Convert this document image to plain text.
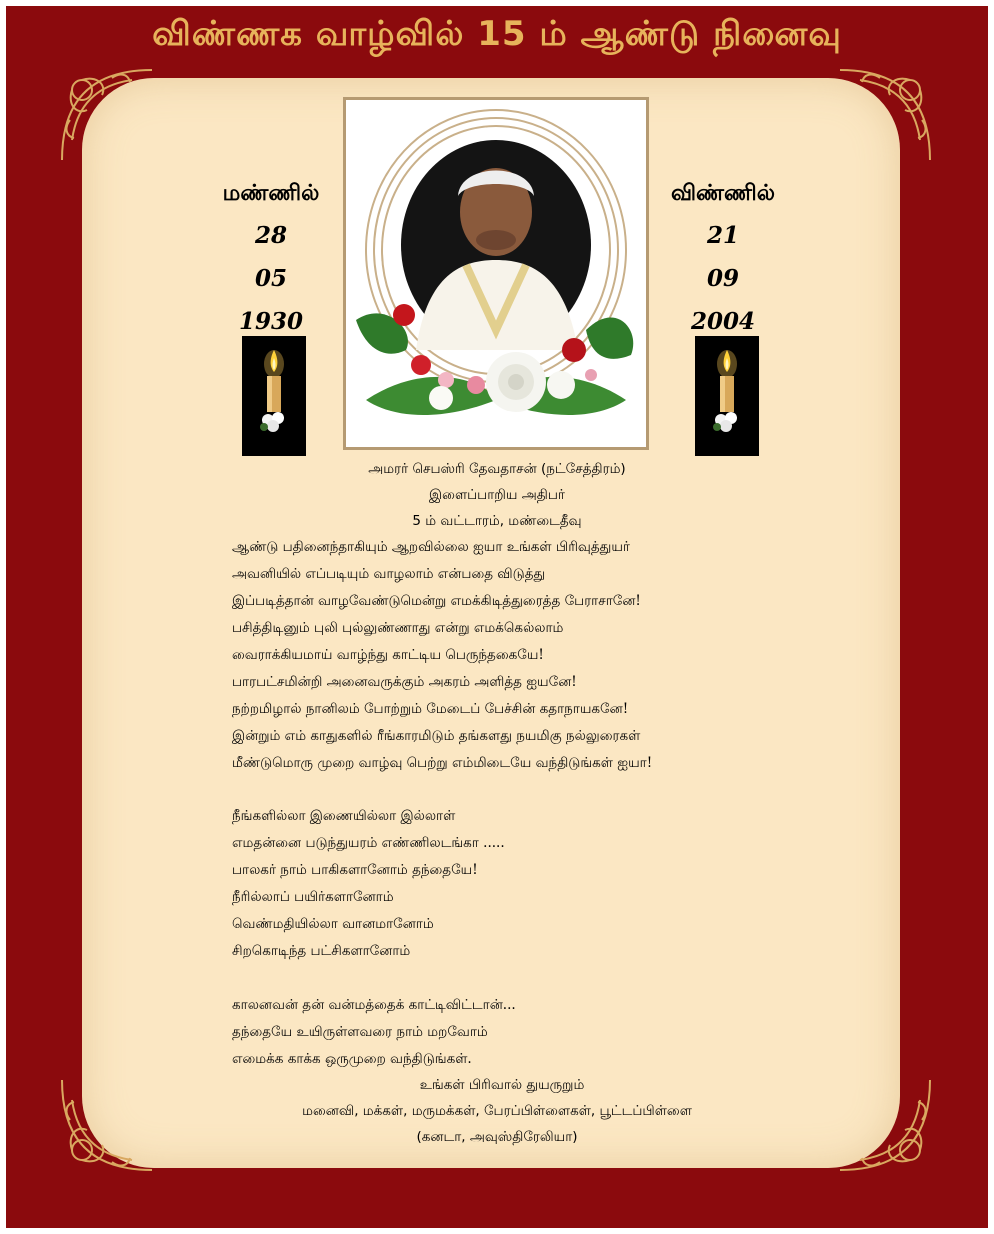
விண்ணக வாழ்வில் 15 ம் ஆண்டு நினைவு
மண்ணில்
28
05
1930
விண்ணில்
21
09
2004
அமரர் செபஸ்ரி தேவதாசன் (நட்சேத்திரம்)
இளைப்பாறிய அதிபர்
5 ம் வட்டாரம், மண்டைதீவு
ஆண்டு பதினைந்தாகியும் ஆறவில்லை ஐயா உங்கள் பிரிவுத்துயர்
அவனியில் எப்படியும் வாழலாம் என்பதை விடுத்து
இப்படித்தான் வாழவேண்டுமென்று எமக்கிடித்துரைத்த பேராசானே!
பசித்திடினும் புலி புல்லுண்ணாது என்று எமக்கெல்லாம்
வைராக்கியமாய் வாழ்ந்து காட்டிய பெருந்தகையே!
பாரபட்சமின்றி அனைவருக்கும் அகரம் அளித்த ஐயனே!
நற்றமிழால் நானிலம் போற்றும் மேடைப் பேச்சின் கதாநாயகனே!
இன்றும் எம் காதுகளில் ரீங்காரமிடும் தங்களது நயமிகு நல்லுரைகள்
மீண்டுமொரு முறை வாழ்வு பெற்று எம்மிடையே வந்திடுங்கள் ஐயா!
நீங்களில்லா இணையில்லா இல்லாள்
எமதன்னை படுந்துயரம் எண்ணிலடங்கா .....
பாலகர் நாம் பாகிகளானோம் தந்தையே!
நீரில்லாப் பயிர்களானோம்
வெண்மதியில்லா வானமானோம்
சிறகொடிந்த பட்சிகளானோம்
காலனவன் தன் வன்மத்தைக் காட்டிவிட்டான்...
தந்தையே உயிருள்ளவரை நாம் மறவோம்
எமைக்க காக்க ஒருமுறை வந்திடுங்கள்.
உங்கள் பிரிவால் துயருறும்
மனைவி, மக்கள், மருமக்கள், பேரப்பிள்ளைகள், பூட்டப்பிள்ளை
(கனடா, அவுஸ்திரேலியா)
